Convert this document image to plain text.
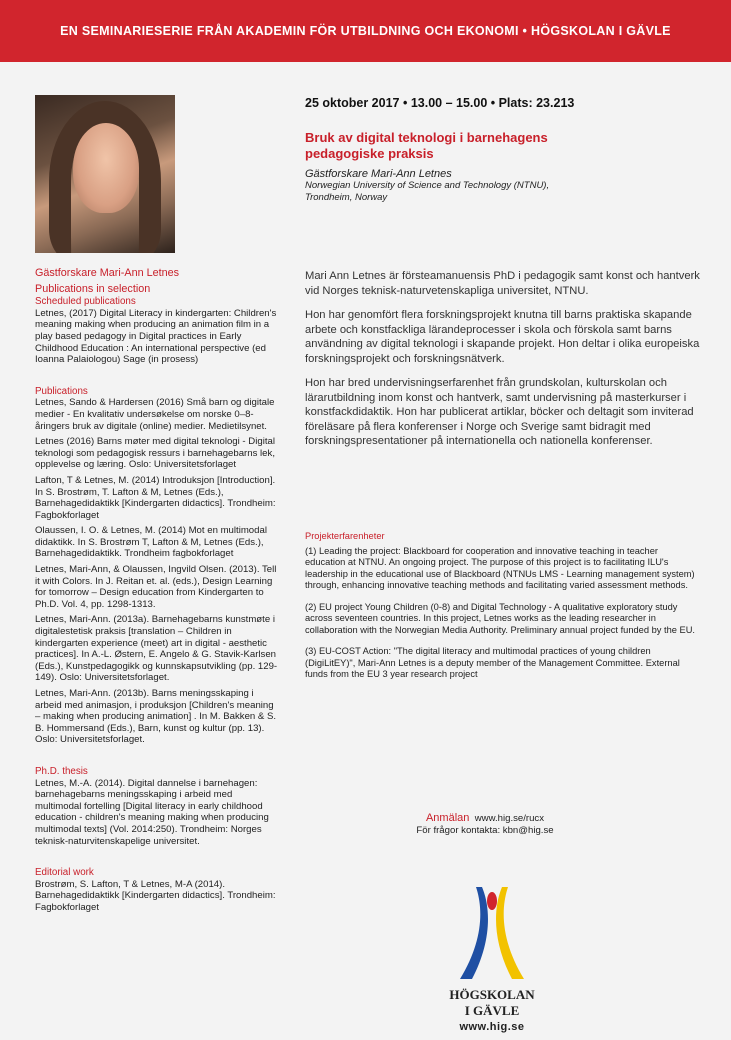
EN SEMINARIESERIE FRÅN AKADEMIN FÖR UTBILDNING OCH EKONOMI • HÖGSKOLAN I GÄVLE
25 oktober 2017 • 13.00 – 15.00 • Plats: 23.213
Bruk av digital teknologi i barnehagens pedagogiske praksis
Gästforskare Mari-Ann Letnes
Norwegian University of Science and Technology (NTNU),
Trondheim, Norway

Mari Ann Letnes är försteamanuensis PhD i pedagogik samt konst och hantverk vid Norges teknisk-naturvetenskapliga universitet, NTNU.

Hon har genomfört flera forskningsprojekt knutna till barns praktiska skapande arbete och konstfackliga lärandeprocesser i skola och förskola samt barns användning av digital teknologi i skapande projekt. Hon deltar i olika europeiska forskningsprojekt och forskningsnätverk.

Hon har bred undervisningserfarenhet från grundskolan, kulturskolan och lärarutbildning inom konst och hantverk, samt undervisning på masterkurser i konstfackdidaktik. Hon har publicerat artiklar, böcker och deltagit som inviterad föreläsare på flera konferenser i Norge och Sverige samt bidragit med forskningspresentationer på internationella och nationella konferenser.

Projekterfarenheter

(1) Leading the project: Blackboard for cooperation and innovative teaching in teacher education at NTNU. An ongoing project. The purpose of this project is to facilitating ILU's leadership in the educational use of Blackboard (NTNUs LMS - Learning management system) through, enhancing innovative teaching methods and facilitating varied assessment methods.

(2) EU project Young Children (0-8) and Digital Technology - A qualitative exploratory study across seventeen countries. In this project, Letnes works as the leading researcher in collaboration with the Norwegian Media Authority. Preliminary annual project funded by the EU.

(3) EU-COST Action: "The digital literacy and multimodal practices of young children (DigiLitEY)", Mari-Ann Letnes is a deputy member of the Management Committee. External funds from the EU 3 year research project

Gästforskare Mari-Ann Letnes
Publications in selection
Scheduled publications

Letnes, (2017) Digital Literacy in kindergarten: Children's meaning making when producing an animation film in a play based pedagogy in Digital practices in Early Childhood Education : An international perspective (ed Ioanna Palaiologou) Sage (in prosess)

Publications

Letnes, Sando & Hardersen (2016) Små barn og digitale medier - En kvalitativ undersøkelse om norske 0–8-åringers bruk av digitale (online) medier. Medietilsynet.

Letnes (2016) Barns møter med digital teknologi - Digital teknologi som pedagogisk ressurs i barnehagebarns lek, opplevelse og læring. Oslo: Universitetsforlaget

Lafton, T & Letnes, M. (2014) Introduksjon [Introduction]. In S. Brostrøm, T. Lafton & M, Letnes (Eds.), Barnehagedidaktikk [Kindergarten didactics]. Trondheim: Fagbokforlaget

Olaussen, I. O. & Letnes, M. (2014) Mot en multimodal didaktikk. In S. Brostrøm T, Lafton & M, Letnes (Eds.), Barnehagedidaktikk. Trondheim fagbokforlaget

Letnes, Mari-Ann, & Olaussen, Ingvild Olsen. (2013). Tell it with Colors. In J. Reitan et. al. (eds.), Design Learning for tomorrow – Design education from Kindergarten to Ph.D. Vol. 4, pp. 1298-1313.

Letnes, Mari-Ann. (2013a). Barnehagebarns kunstmøte i digitalestetisk praksis [translation – Children in kindergarten experience (meet) art in digital - aesthetic practices]. In A.-L. Østern, E. Angelo & G. Stavik-Karlsen (Eds.), Kunstpedagogikk og kunnskapsutvikling (pp. 129-149). Oslo: Universitetsforlaget.

Letnes, Mari-Ann. (2013b). Barns meningsskaping i arbeid med animasjon, i produksjon [Children's meaning – making when producing animation] . In M. Bakken & S. B. Hommersand (Eds.), Barn, kunst og kultur (pp. 13). Oslo: Universitetsforlaget.

Ph.D. thesis

Letnes, M.-A. (2014). Digital dannelse i barnehagen: barnehagebarns meningsskaping i arbeid med multimodal fortelling [Digital literacy in early childhood education - children's meaning making when producing multimodal texts] (Vol. 2014:250). Trondheim: Norges teknisk-naturvitenskapelige universitet.

Editorial work

Brostrøm, S. Lafton, T & Letnes, M-A (2014). Barnehagedidaktikk [Kindergarten didactics]. Trondheim: Fagbokforlaget

Anmälan www.hig.se/rucx
För frågor kontakta: kbn@hig.se
HÖGSKOLAN
I GÄVLE
www.hig.se
